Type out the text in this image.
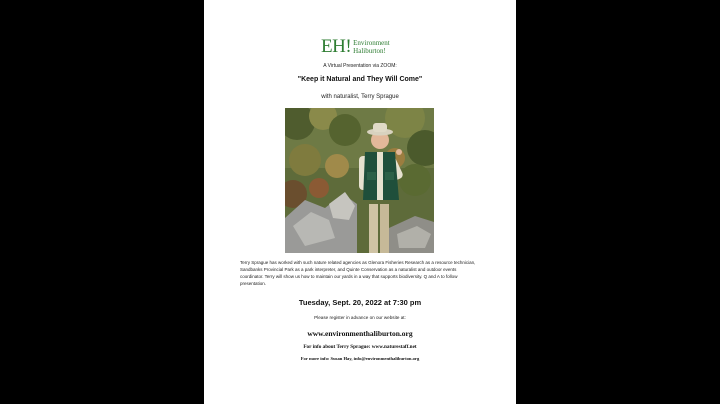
EH! Environment
Haliburton!
A Virtual Presentation via ZOOM:
"Keep it Natural and They Will Come"
with naturalist, Terry Sprague
Terry Sprague has worked with such nature related agencies as Glenora Fisheries Research as a resource technician, Sandbanks Provincial Park as a park interpreter, and Quinte Conservation as a naturalist and outdoor events coordinator. Terry will show us how to maintain our yards in a way that supports biodiversity. Q and A to follow presentation.
Tuesday, Sept. 20, 2022 at 7:30 pm
Please register in advance on our website at:
www.environmenthaliburton.org
For info about Terry Sprague: www.naturestaff.net
For more info: Susan Hay, info@environmenthaliburton.org
